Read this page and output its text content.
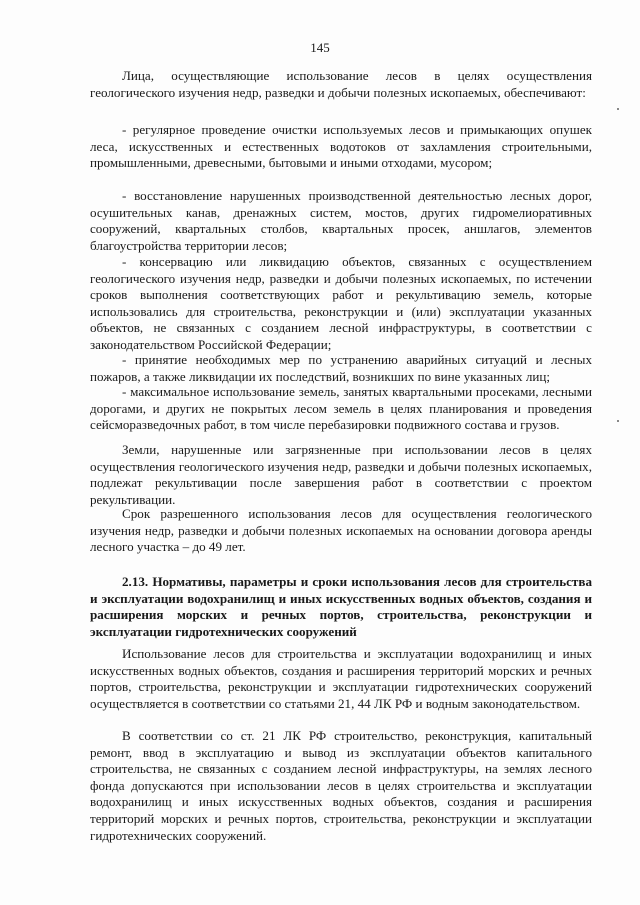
145

Лица, осуществляющие использование лесов в целях осуществления геологического изучения недр, разведки и добычи полезных ископаемых, обеспечивают:

- регулярное проведение очистки используемых лесов и примыкающих опушек леса, искусственных и естественных водотоков от захламления строительными, промышленными, древесными, бытовыми и иными отходами, мусором;

- восстановление нарушенных производственной деятельностью лесных дорог, осушительных канав, дренажных систем, мостов, других гидромелиоративных сооружений, квартальных столбов, квартальных просек, аншлагов, элементов благоустройства территории лесов;

- консервацию или ликвидацию объектов, связанных с осуществлением геологического изучения недр, разведки и добычи полезных ископаемых, по истечении сроков выполнения соответствующих работ и рекультивацию земель, которые использовались для строительства, реконструкции и (или) эксплуатации указанных объектов, не связанных с созданием лесной инфраструктуры, в соответствии с законодательством Российской Федерации;

- принятие необходимых мер по устранению аварийных ситуаций и лесных пожаров, а также ликвидации их последствий, возникших по вине указанных лиц;

- максимальное использование земель, занятых квартальными просеками, лесными дорогами, и других не покрытых лесом земель в целях планирования и проведения сейсморазведочных работ, в том числе перебазировки подвижного состава и грузов.

Земли, нарушенные или загрязненные при использовании лесов в целях осуществления геологического изучения недр, разведки и добычи полезных ископаемых, подлежат рекультивации после завершения работ в соответствии с проектом рекультивации.

Срок разрешенного использования лесов для осуществления геологического изучения недр, разведки и добычи полезных ископаемых на основании договора аренды лесного участка – до 49 лет.

2.13. Нормативы, параметры и сроки использования лесов для строительства и эксплуатации водохранилищ и иных искусственных водных объектов, создания и расширения морских и речных портов, строительства, реконструкции и эксплуатации гидротехнических сооружений

Использование лесов для строительства и эксплуатации водохранилищ и иных искусственных водных объектов, создания и расширения территорий морских и речных портов, строительства, реконструкции и эксплуатации гидротехнических сооружений осуществляется в соответствии со статьями 21, 44 ЛК РФ и водным законодательством.

В соответствии со ст. 21 ЛК РФ строительство, реконструкция, капитальный ремонт, ввод в эксплуатацию и вывод из эксплуатации объектов капитального строительства, не связанных с созданием лесной инфраструктуры, на землях лесного фонда допускаются при использовании лесов в целях строительства и эксплуатации водохранилищ и иных искусственных водных объектов, создания и расширения территорий морских и речных портов, строительства, реконструкции и эксплуатации гидротехнических сооружений.
